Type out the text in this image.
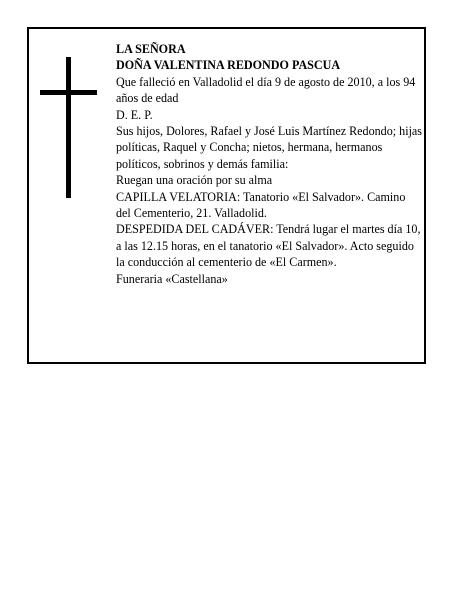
LA SEÑORA

DOÑA VALENTINA REDONDO PASCUA

Que falleció en Valladolid el día 9 de agosto de 2010, a los 94 años de edad

D. E. P.

Sus hijos, Dolores, Rafael y José Luis Martínez Redondo; hijas políticas, Raquel y Concha; nietos, hermana, hermanos políticos, sobrinos y demás familia:

Ruegan una oración por su alma

CAPILLA VELATORIA: Tanatorio «El Salvador». Camino del Cementerio, 21. Valladolid.

DESPEDIDA DEL CADÁVER: Tendrá lugar el martes día 10, a las 12.15 horas, en el tanatorio «El Salvador». Acto seguido la conducción al cementerio de «El Carmen».

Funeraria «Castellana»
